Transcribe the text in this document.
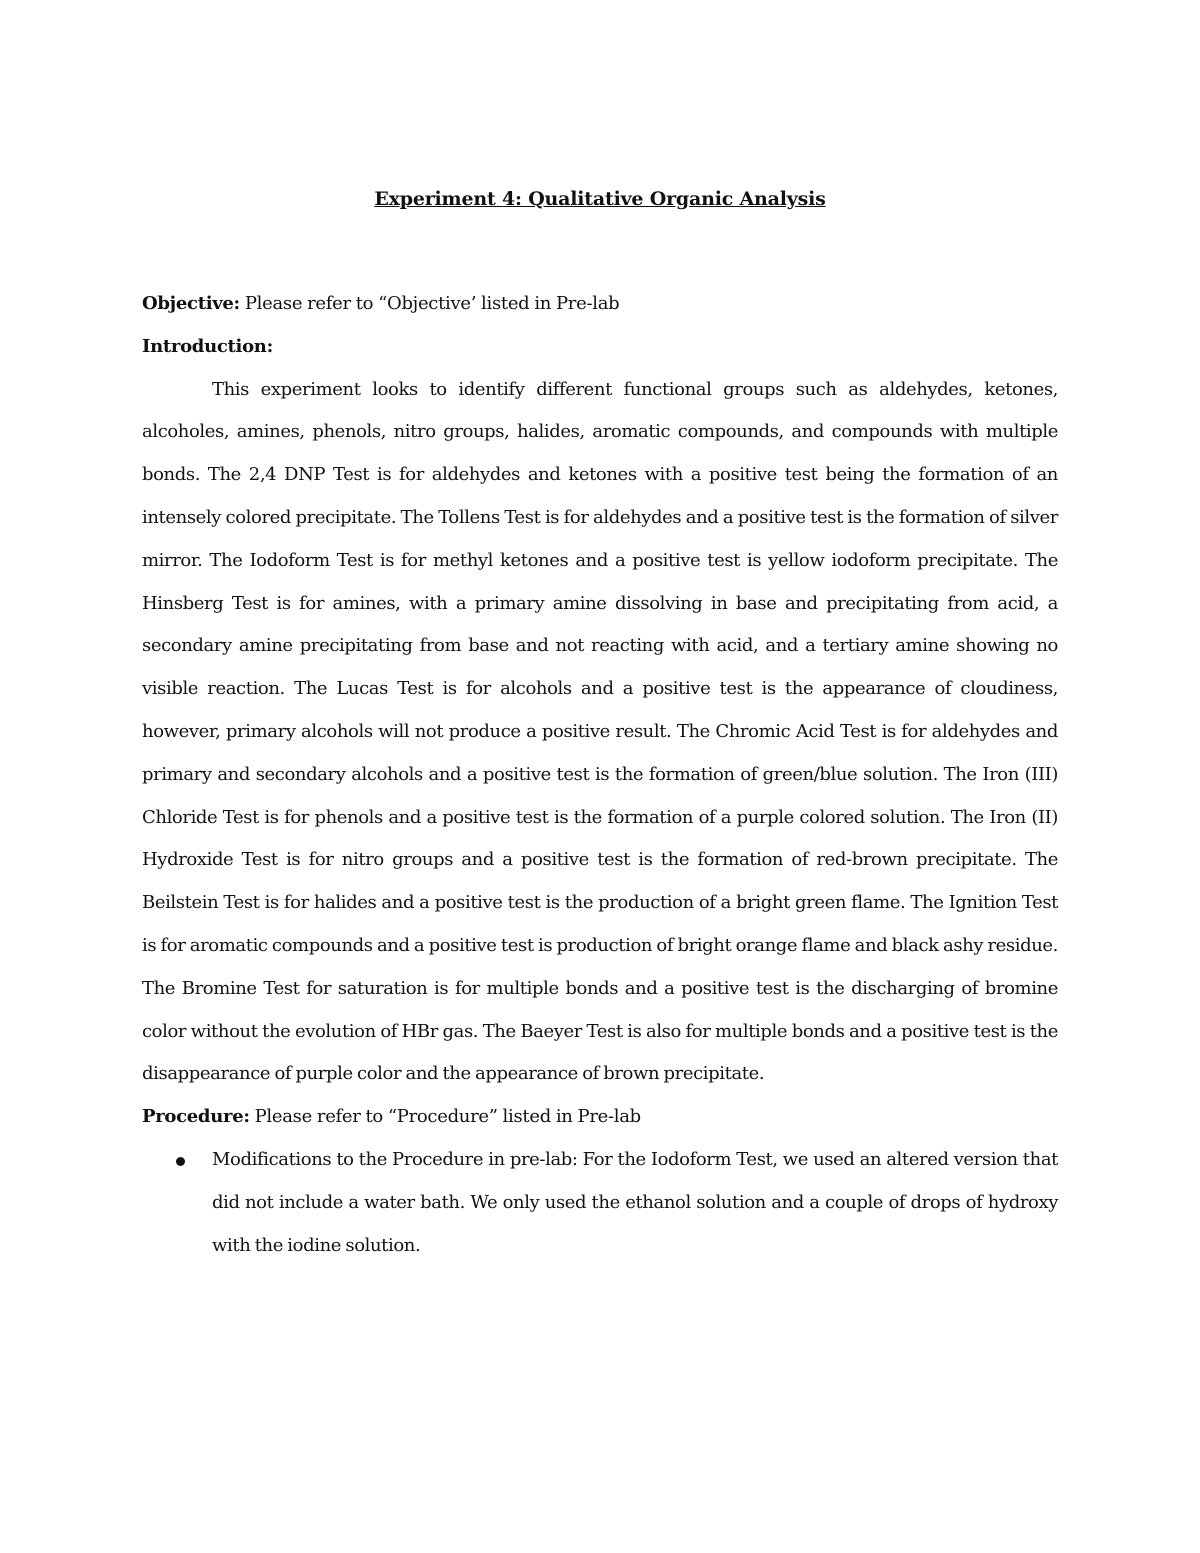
Experiment 4: Qualitative Organic Analysis

Objective: Please refer to “Objective’ listed in Pre-lab

Introduction:

This experiment looks to identify different functional groups such as aldehydes, ketones, alcoholes, amines, phenols, nitro groups, halides, aromatic compounds, and compounds with multiple bonds. The 2,4 DNP Test is for aldehydes and ketones with a positive test being the formation of an intensely colored precipitate. The Tollens Test is for aldehydes and a positive test is the formation of silver mirror. The Iodoform Test is for methyl ketones and a positive test is yellow iodoform precipitate. The Hinsberg Test is for amines, with a primary amine dissolving in base and precipitating from acid, a secondary amine precipitating from base and not reacting with acid, and a tertiary amine showing no visible reaction. The Lucas Test is for alcohols and a positive test is the appearance of cloudiness, however, primary alcohols will not produce a positive result. The Chromic Acid Test is for aldehydes and primary and secondary alcohols and a positive test is the formation of green/blue solution. The Iron (III) Chloride Test is for phenols and a positive test is the formation of a purple colored solution. The Iron (II) Hydroxide Test is for nitro groups and a positive test is the formation of red-brown precipitate. The Beilstein Test is for halides and a positive test is the production of a bright green flame. The Ignition Test is for aromatic compounds and a positive test is production of bright orange flame and black ashy residue. The Bromine Test for saturation is for multiple bonds and a positive test is the discharging of bromine color without the evolution of HBr gas. The Baeyer Test is also for multiple bonds and a positive test is the disappearance of purple color and the appearance of brown precipitate.

Procedure: Please refer to “Procedure” listed in Pre-lab

Modifications to the Procedure in pre-lab: For the Iodoform Test, we used an altered version that did not include a water bath. We only used the ethanol solution and a couple of drops of hydroxy with the iodine solution.
